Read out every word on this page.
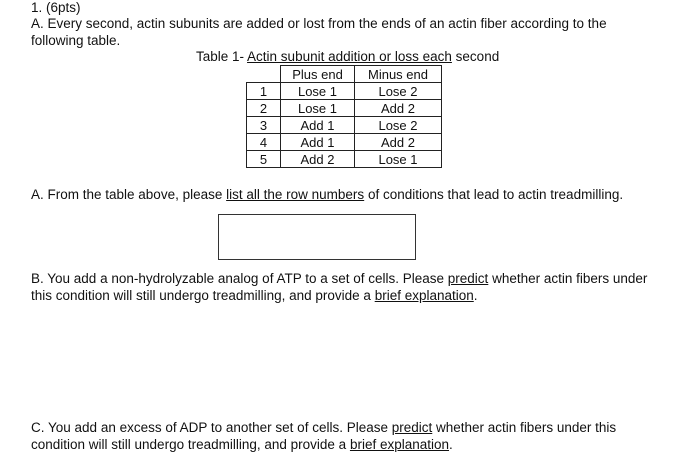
1. (6pts)
A. Every second, actin subunits are added or lost from the ends of an actin fiber according to the
following table.
Table 1- Actin subunit addition or loss each second
	Plus end	Minus end
1	Lose 1	Lose 2
2	Lose 1	Add 2
3	Add 1	Lose 2
4	Add 1	Add 2
5	Add 2	Lose 1
A. From the table above, please list all the row numbers of conditions that lead to actin treadmilling.
B. You add a non-hydrolyzable analog of ATP to a set of cells. Please predict whether actin fibers under
this condition will still undergo treadmilling, and provide a brief explanation.
C. You add an excess of ADP to another set of cells. Please predict whether actin fibers under this
condition will still undergo treadmilling, and provide a brief explanation.
